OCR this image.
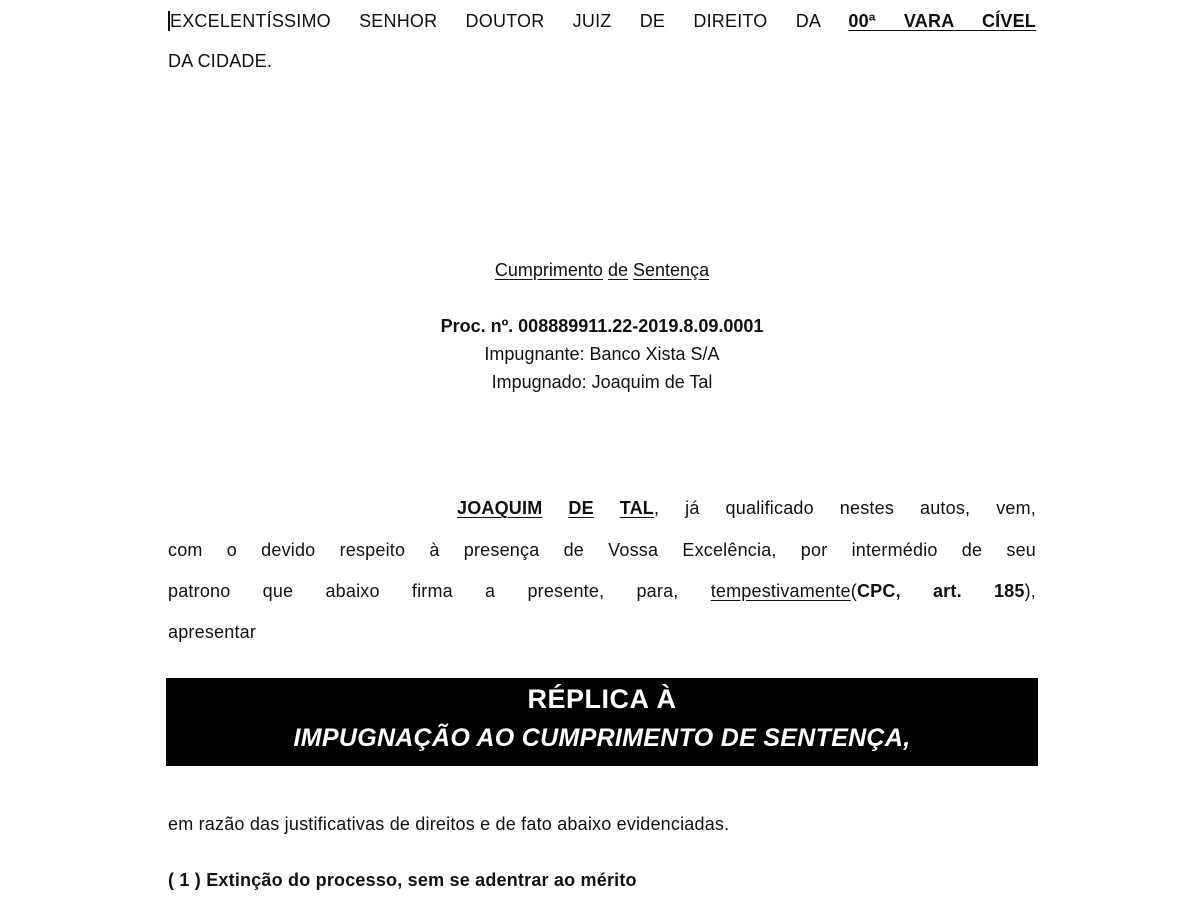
EXCELENTÍSSIMO SENHOR DOUTOR JUIZ DE DIREITO DA 00ª VARA CÍVEL
DA CIDADE.
Cumprimento de Sentença
Proc. nº. 008889911.22-2019.8.09.0001
Impugnante: Banco Xista S/A
Impugnado: Joaquim de Tal
JOAQUIM DE TAL, já qualificado nestes autos, vem,
com o devido respeito à presença de Vossa Excelência, por intermédio de seu
patrono que abaixo firma a presente, para, tempestivamente(CPC, art. 185),
apresentar
RÉPLICA À
IMPUGNAÇÃO AO CUMPRIMENTO DE SENTENÇA,
em razão das justificativas de direitos e de fato abaixo evidenciadas.
( 1 ) Extinção do processo, sem se adentrar ao mérito
